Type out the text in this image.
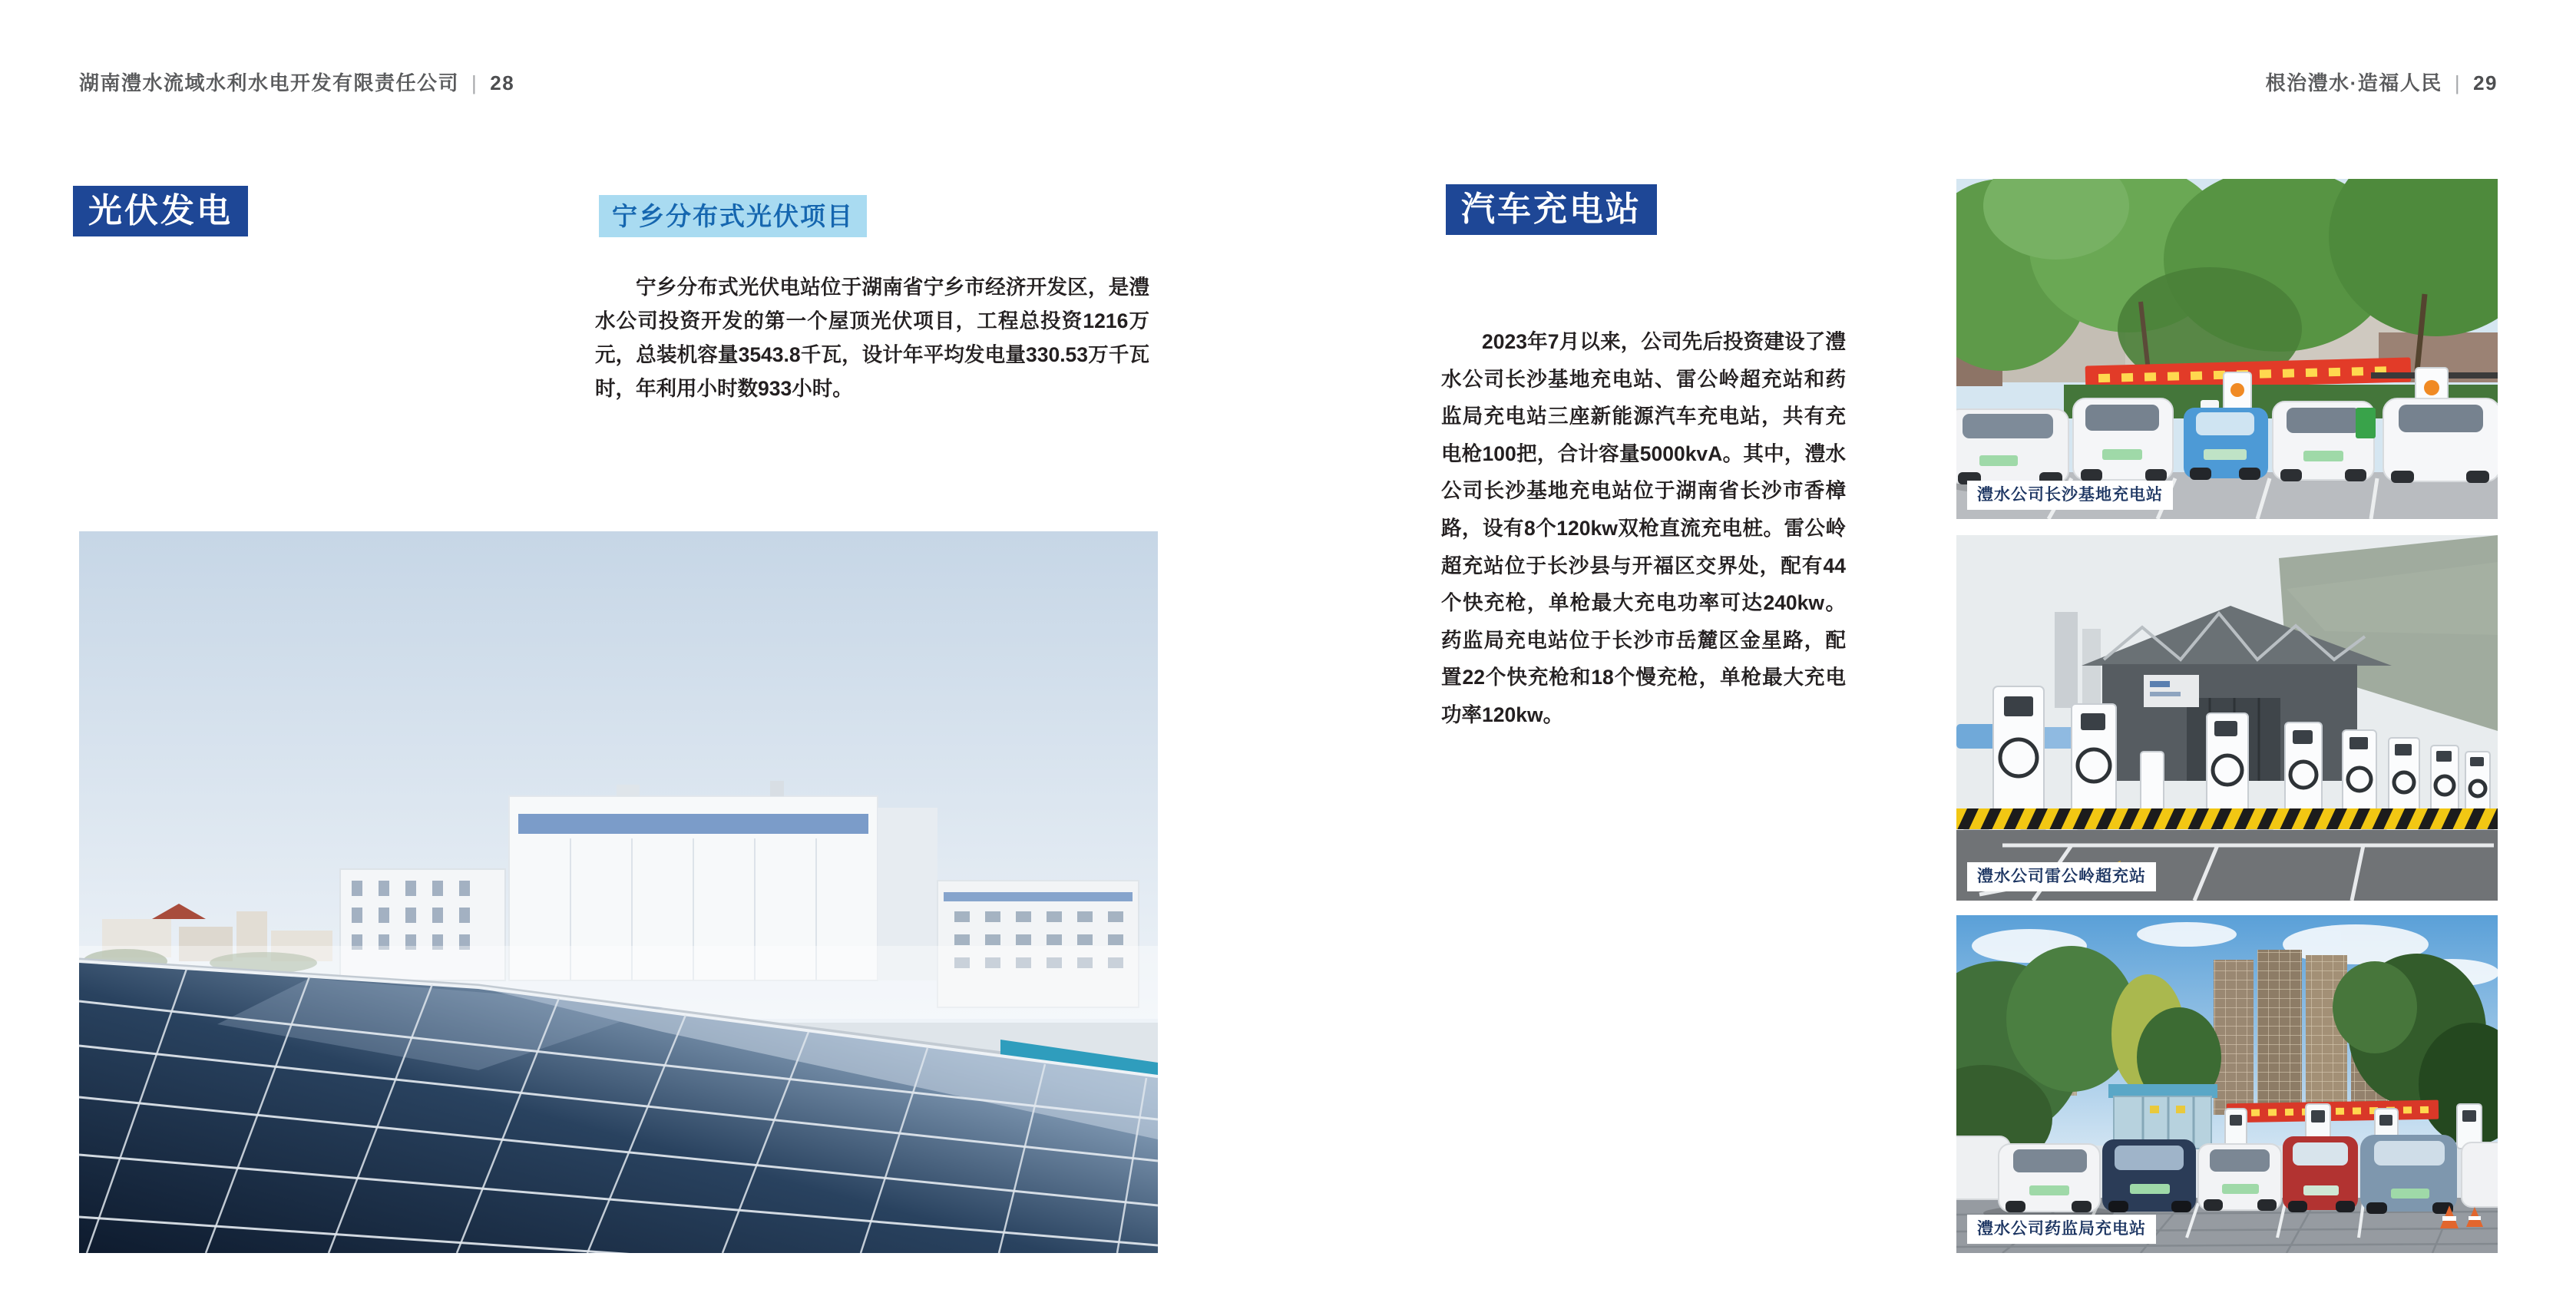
湖南澧水流域水利水电开发有限责任公司 | 28	根治澧水·造福人民 | 29
光伏发电	宁乡分布式光伏项目
宁乡分布式光伏电站位于湖南省宁乡市经济开发区，是澧水公司投资开发的第一个屋顶光伏项目，工程总投资1216万元，总装机容量3543.8千瓦，设计年平均发电量330.53万千瓦时，年利用小时数933小时。
汽车充电站
2023年7月以来，公司先后投资建设了澧水公司长沙基地充电站、雷公岭超充站和药监局充电站三座新能源汽车充电站，共有充电枪100把，合计容量5000kvA。其中，澧水公司长沙基地充电站位于湖南省长沙市香樟路，设有8个120kw双枪直流充电桩。雷公岭超充站位于长沙县与开福区交界处，配有44个快充枪，单枪最大充电功率可达240kw。药监局充电站位于长沙市岳麓区金星路，配置22个快充枪和18个慢充枪，单枪最大充电功率120kw。
澧水公司长沙基地充电站
澧水公司雷公岭超充站
澧水公司药监局充电站
